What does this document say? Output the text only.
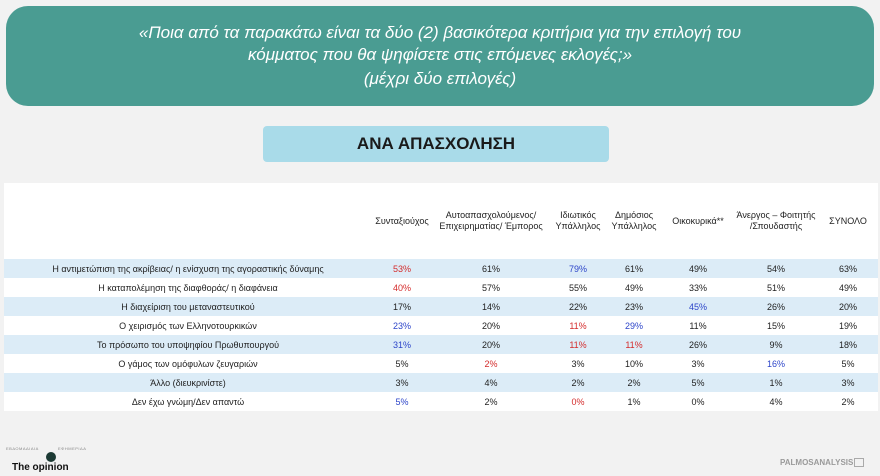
«Ποια από τα παρακάτω είναι τα δύο (2) βασικότερα κριτήρια για την επιλογή του
κόμματος που θα ψηφίσετε στις επόμενες εκλογές;»
(μέχρι δύο επιλογές)
ΑΝΑ ΑΠΑΣΧΟΛΗΣΗ
	Συνταξιούχος	Αυτοαπασχολούμενος/ Επιχειρηματίας/ Έμπορος	Ιδιωτικός Υπάλληλος	Δημόσιος Υπάλληλος	Οικοκυρικά**	Άνεργος – Φοιτητής /Σπουδαστής	ΣΥΝΟΛΟ
Η αντιμετώπιση της ακρίβειας/ η ενίσχυση της αγοραστικής δύναμης	53%	61%	79%	61%	49%	54%	63%
Η καταπολέμηση της διαφθοράς/ η διαφάνεια	40%	57%	55%	49%	33%	51%	49%
Η διαχείριση του μεταναστευτικού	17%	14%	22%	23%	45%	26%	20%
Ο χειρισμός των Ελληνοτουρκικών	23%	20%	11%	29%	11%	15%	19%
Το πρόσωπο του υποψηφίου Πρωθυπουργού	31%	20%	11%	11%	26%	9%	18%
Ο γάμος των ομόφυλων ζευγαριών	5%	2%	3%	10%	3%	16%	5%
Άλλο (διευκρινίστε)	3%	4%	2%	2%	5%	1%	3%
Δεν έχω γνώμη/Δεν απαντώ	5%	2%	0%	1%	0%	4%	2%
ΕΒΔΟΜΑΔΙΑΙΑ	ΕΦΗΜΕΡΙΔΑ
The opinion	PALMOSANALYSIS
